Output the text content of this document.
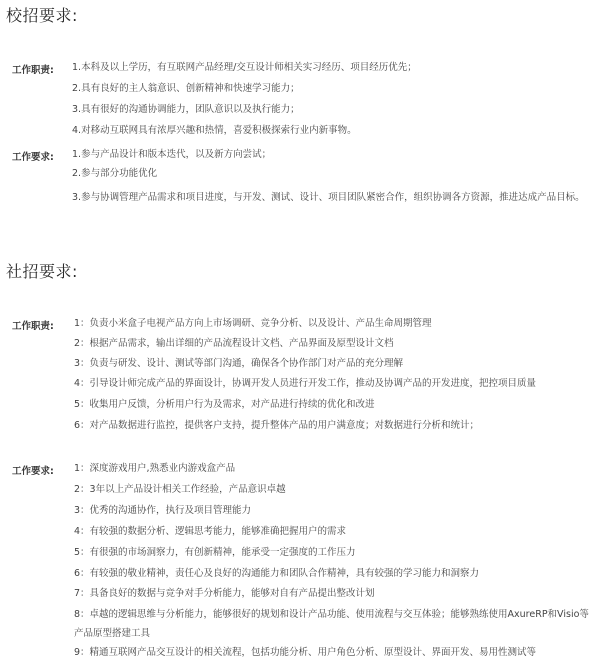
校招要求:
工作职责: 1.本科及以上学历，有互联网产品经理/交互设计师相关实习经历、项目经历优先；
2.具有良好的主人翁意识、创新精神和快速学习能力；
3.具有很好的沟通协调能力，团队意识以及执行能力；
4.对移动互联网具有浓厚兴趣和热情，喜爱积极探索行业内新事物。
工作要求: 1.参与产品设计和版本迭代，以及新方向尝试；
2.参与部分功能优化
3.参与协调管理产品需求和项目进度，与开发、测试、设计、项目团队紧密合作，组织协调各方资源，推进达成产品目标。
社招要求:
工作职责: 1：负责小米盒子电视产品方向上市场调研、竞争分析、以及设计、产品生命周期管理
2：根据产品需求，输出详细的产品流程设计文档、产品界面及原型设计文档
3：负责与研发、设计、测试等部门沟通，确保各个协作部门对产品的充分理解
4：引导设计师完成产品的界面设计，协调开发人员进行开发工作，推动及协调产品的开发进度，把控项目质量
5：收集用户反馈，分析用户行为及需求，对产品进行持续的优化和改进
6：对产品数据进行监控，提供客户支持，提升整体产品的用户满意度；对数据进行分析和统计；
工作要求: 1：深度游戏用户,熟悉业内游戏盒产品
2：3年以上产品设计相关工作经验，产品意识卓越
3：优秀的沟通协作，执行及项目管理能力
4：有较强的数据分析、逻辑思考能力，能够准确把握用户的需求
5：有很强的市场洞察力，有创新精神，能承受一定强度的工作压力
6：有较强的敬业精神，责任心及良好的沟通能力和团队合作精神，具有较强的学习能力和洞察力
7：具备良好的数据与竞争对手分析能力，能够对自有产品提出整改计划
8：卓越的逻辑思维与分析能力，能够很好的规划和设计产品功能、使用流程与交互体验；能够熟练使用AxureRP和Visio等产品原型搭建工具
9：精通互联网产品交互设计的相关流程，包括功能分析、用户角色分析、原型设计、界面开发、易用性测试等
